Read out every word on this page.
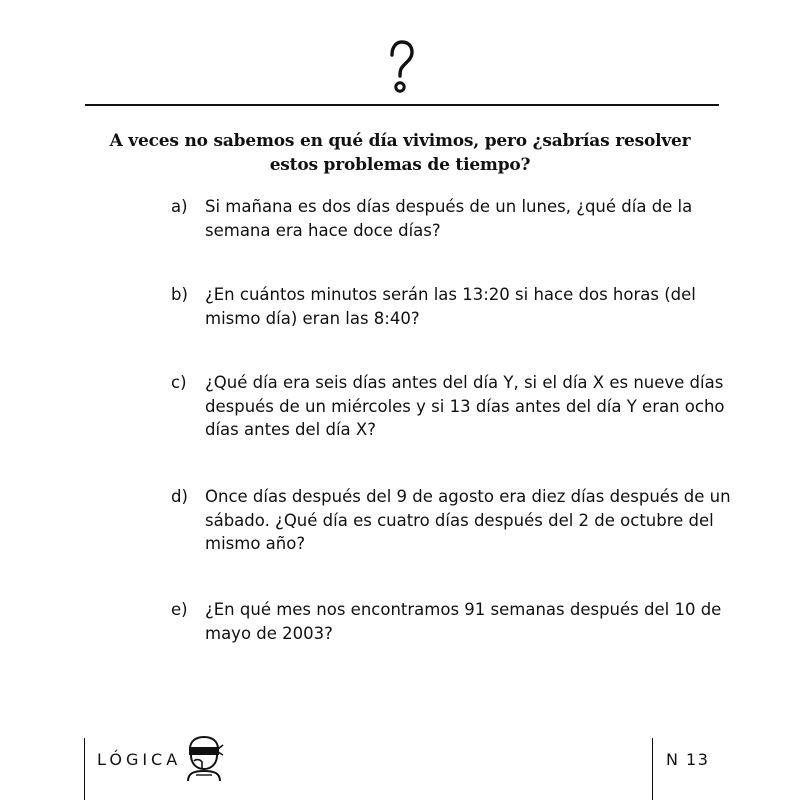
A veces no sabemos en qué día vivimos, pero ¿sabrías resolver estos problemas de tiempo?
a)	Si mañana es dos días después de un lunes, ¿qué día de la semana era hace doce días?
b)	¿En cuántos minutos serán las 13:20 si hace dos horas (del mismo día) eran las 8:40?
c)	¿Qué día era seis días antes del día Y, si el día X es nueve días después de un miércoles y si 13 días antes del día Y eran ocho días antes del día X?
d)	Once días después del 9 de agosto era diez días después de un sábado. ¿Qué día es cuatro días después del 2 de octubre del mismo año?
e)	¿En qué mes nos encontramos 91 semanas después del 10 de mayo de 2003?
LÓGICA	N 13
